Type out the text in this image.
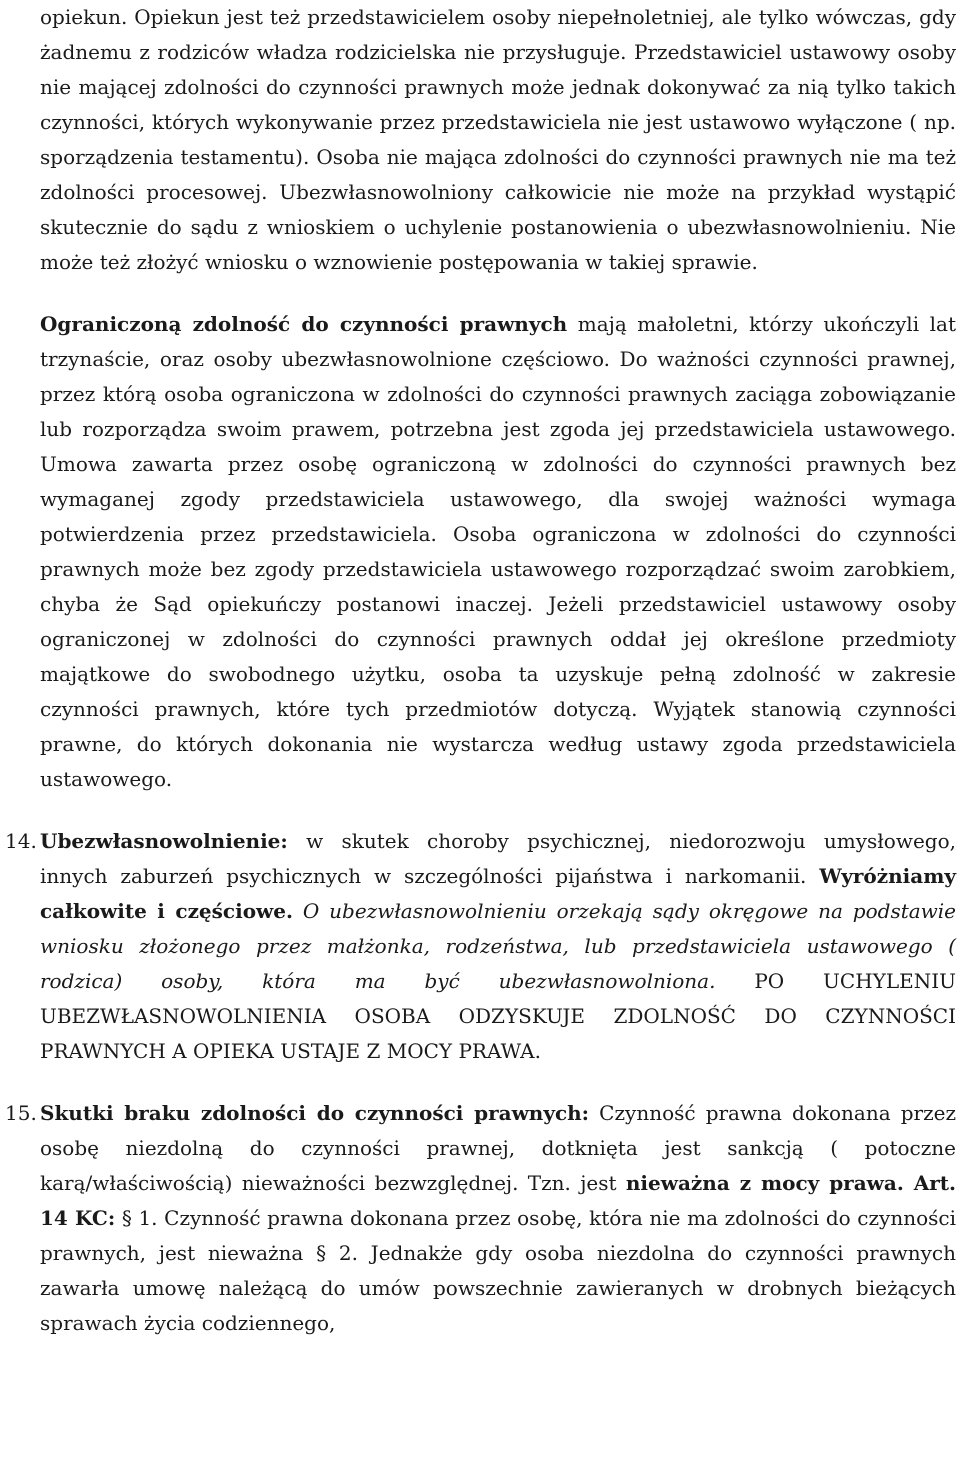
opiekun. Opiekun jest też przedstawicielem osoby niepełnoletniej, ale tylko wówczas, gdy żadnemu z rodziców władza rodzicielska nie przysługuje. Przedstawiciel ustawowy osoby nie mającej zdolności do czynności prawnych może jednak dokonywać za nią tylko takich czynności, których wykonywanie przez przedstawiciela nie jest ustawowo wyłączone ( np. sporządzenia testamentu). Osoba nie mająca zdolności do czynności prawnych nie ma też zdolności procesowej. Ubezwłasnowolniony całkowicie nie może na przykład wystąpić skutecznie do sądu z wnioskiem o uchylenie postanowienia o ubezwłasnowolnieniu. Nie może też złożyć wniosku o wznowienie postępowania w takiej sprawie.

Ograniczoną zdolność do czynności prawnych mają małoletni, którzy ukończyli lat trzynaście, oraz osoby ubezwłasnowolnione częściowo. Do ważności czynności prawnej, przez którą osoba ograniczona w zdolności do czynności prawnych zaciąga zobowiązanie lub rozporządza swoim prawem, potrzebna jest zgoda jej przedstawiciela ustawowego. Umowa zawarta przez osobę ograniczoną w zdolności do czynności prawnych bez wymaganej zgody przedstawiciela ustawowego, dla swojej ważności wymaga potwierdzenia przez przedstawiciela. Osoba ograniczona w zdolności do czynności prawnych może bez zgody przedstawiciela ustawowego rozporządzać swoim zarobkiem, chyba że Sąd opiekuńczy postanowi inaczej. Jeżeli przedstawiciel ustawowy osoby ograniczonej w zdolności do czynności prawnych oddał jej określone przedmioty majątkowe do swobodnego użytku, osoba ta uzyskuje pełną zdolność w zakresie czynności prawnych, które tych przedmiotów dotyczą. Wyjątek stanowią czynności prawne, do których dokonania nie wystarcza według ustawy zgoda przedstawiciela ustawowego.

14. Ubezwłasnowolnienie: w skutek choroby psychicznej, niedorozwoju umysłowego, innych zaburzeń psychicznych w szczególności pijaństwa i narkomanii. Wyróżniamy całkowite i częściowe. O ubezwłasnowolnieniu orzekają sądy okręgowe na podstawie wniosku złożonego przez małżonka, rodzeństwa, lub przedstawiciela ustawowego ( rodzica) osoby, która ma być ubezwłasnowolniona. PO UCHYLENIU UBEZWŁASNOWOLNIENIA OSOBA ODZYSKUJE ZDOLNOŚĆ DO CZYNNOŚCI PRAWNYCH A OPIEKA USTAJE Z MOCY PRAWA.

15. Skutki braku zdolności do czynności prawnych: Czynność prawna dokonana przez osobę niezdolną do czynności prawnej, dotknięta jest sankcją ( potoczne karą/właściwością) nieważności bezwzględnej. Tzn. jest nieważna z mocy prawa. Art. 14 KC: § 1. Czynność prawna dokonana przez osobę, która nie ma zdolności do czynności prawnych, jest nieważna § 2. Jednakże gdy osoba niezdolna do czynności prawnych zawarła umowę należącą do umów powszechnie zawieranych w drobnych bieżących sprawach życia codziennego,
